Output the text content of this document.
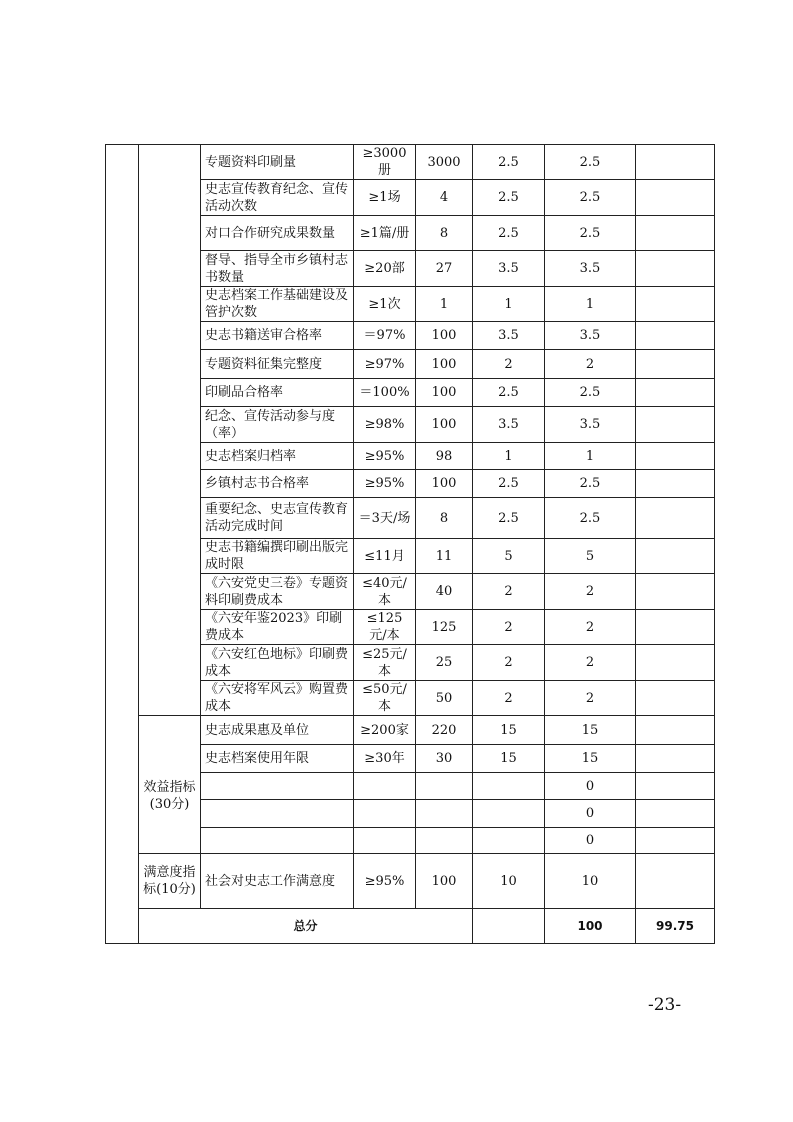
		专题资料印刷量	≥3000册	3000	2.5	2.5		
		史志宣传教育纪念、宣传活动次数	≥1场	4	2.5	2.5		
		对口合作研究成果数量	≥1篇/册	8	2.5	2.5		
		督导、指导全市乡镇村志书数量	≥20部	27	3.5	3.5		
		史志档案工作基础建设及管护次数	≥1次	1	1	1		
		史志书籍送审合格率	＝97%	100	3.5	3.5		
		专题资料征集完整度	≥97%	100	2	2		
		印刷品合格率	＝100%	100	2.5	2.5		
		纪念、宣传活动参与度（率）	≥98%	100	3.5	3.5		
		史志档案归档率	≥95%	98	1	1		
		乡镇村志书合格率	≥95%	100	2.5	2.5		
		重要纪念、史志宣传教育活动完成时间	＝3天/场	8	2.5	2.5		
		史志书籍编撰印刷出版完成时限	≤11月	11	5	5		
		《六安党史三卷》专题资料印刷费成本	≤40元/本	40	2	2		
		《六安年鉴2023》印刷费成本	≤125元/本	125	2	2		
		《六安红色地标》印刷费成本	≤25元/本	25	2	2		
		《六安将军风云》购置费成本	≤50元/本	50	2	2		
	效益指标(30分)	史志成果惠及单位	≥200家	220	15	15		
		史志档案使用年限	≥30年	30	15	15		
						0		
						0		
						0		
	满意度指标(10分)	社会对史志工作满意度	≥95%	100	10	10		
	总分					100	99.75	
-23-
